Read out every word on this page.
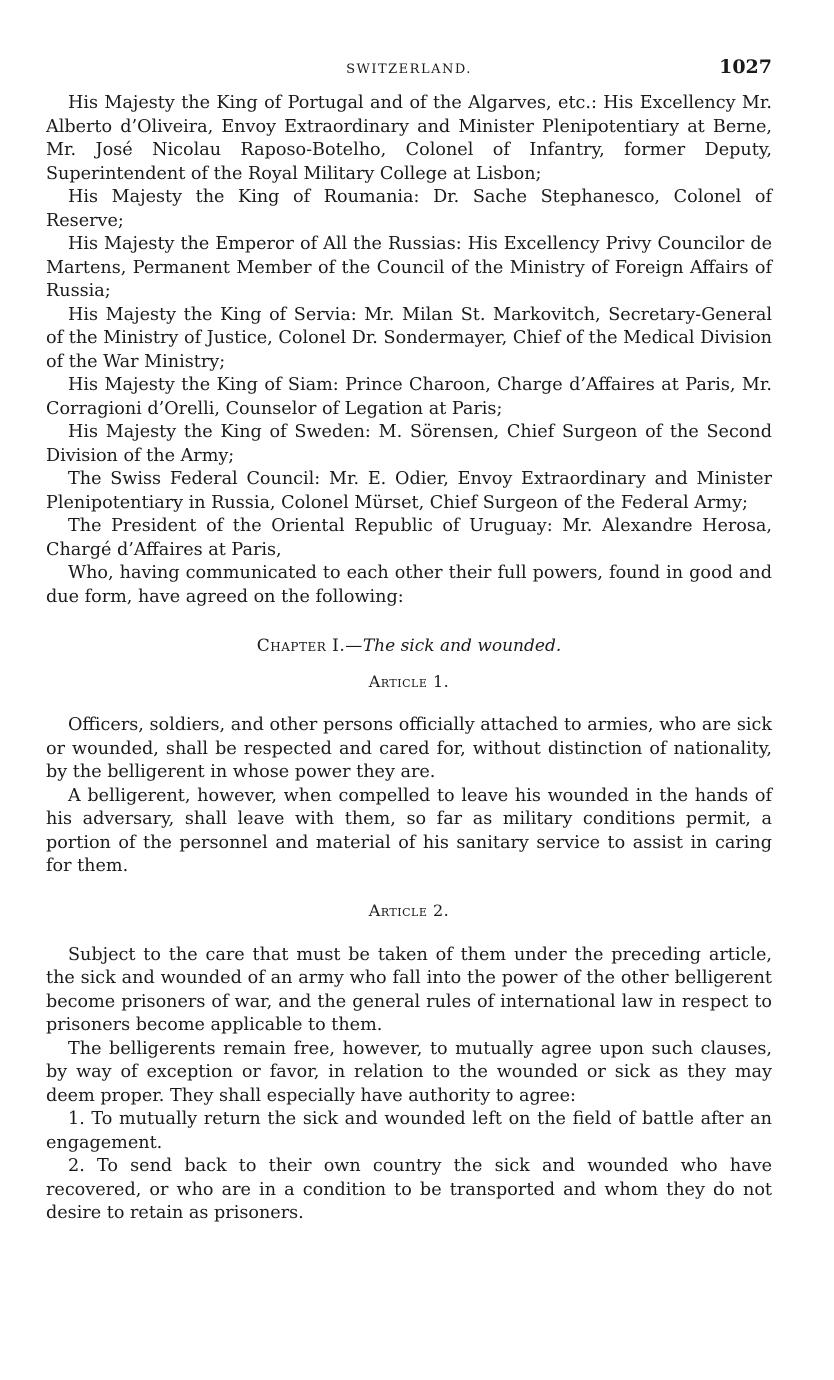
SWITZERLAND.	1027

His Majesty the King of Portugal and of the Algarves, etc.: His Excellency Mr. Alberto d’Oliveira, Envoy Extraordinary and Minister Plenipotentiary at Berne, Mr. José Nicolau Raposo-Botelho, Colonel of Infantry, former Deputy, Superintendent of the Royal Military College at Lisbon;

His Majesty the King of Roumania: Dr. Sache Stephanesco, Colonel of Reserve;

His Majesty the Emperor of All the Russias: His Excellency Privy Councilor de Martens, Permanent Member of the Council of the Ministry of Foreign Affairs of Russia;

His Majesty the King of Servia: Mr. Milan St. Markovitch, Secretary-General of the Ministry of Justice, Colonel Dr. Sondermayer, Chief of the Medical Division of the War Ministry;

His Majesty the King of Siam: Prince Charoon, Charge d’Affaires at Paris, Mr. Corragioni d’Orelli, Counselor of Legation at Paris;

His Majesty the King of Sweden: M. Sörensen, Chief Surgeon of the Second Division of the Army;

The Swiss Federal Council: Mr. E. Odier, Envoy Extraordinary and Minister Plenipotentiary in Russia, Colonel Mürset, Chief Surgeon of the Federal Army;

The President of the Oriental Republic of Uruguay: Mr. Alexandre Herosa, Chargé d’Affaires at Paris,

Who, having communicated to each other their full powers, found in good and due form, have agreed on the following:

Chapter I.—The sick and wounded.
Article 1.

Officers, soldiers, and other persons officially attached to armies, who are sick or wounded, shall be respected and cared for, without distinction of nationality, by the belligerent in whose power they are.

A belligerent, however, when compelled to leave his wounded in the hands of his adversary, shall leave with them, so far as military conditions permit, a portion of the personnel and material of his sanitary service to assist in caring for them.

Article 2.

Subject to the care that must be taken of them under the preceding article, the sick and wounded of an army who fall into the power of the other belligerent become prisoners of war, and the general rules of international law in respect to prisoners become applicable to them.

The belligerents remain free, however, to mutually agree upon such clauses, by way of exception or favor, in relation to the wounded or sick as they may deem proper. They shall especially have authority to agree:

1. To mutually return the sick and wounded left on the field of battle after an engagement.

2. To send back to their own country the sick and wounded who have recovered, or who are in a condition to be transported and whom they do not desire to retain as prisoners.
